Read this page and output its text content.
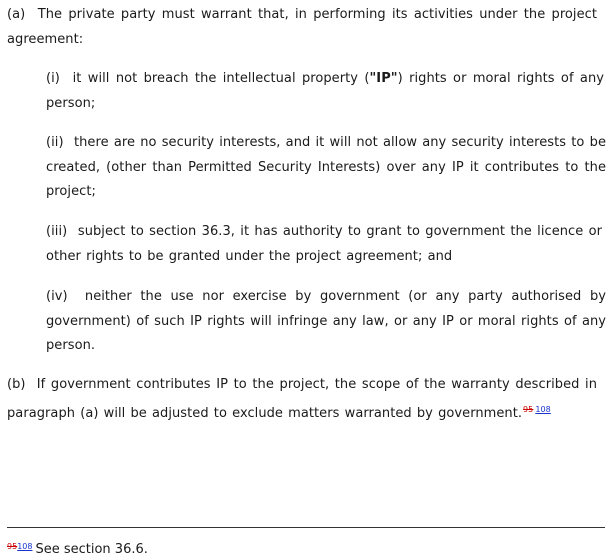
(a) The private party must warrant that, in performing its activities under the project agreement:

(i) it will not breach the intellectual property ("IP") rights or moral rights of any person;

(ii) there are no security interests, and it will not allow any security interests to be created, (other than Permitted Security Interests) over any IP it contributes to the project;

(iii) subject to section 36.3, it has authority to grant to government the licence or other rights to be granted under the project agreement; and

(iv) neither the use nor exercise by government (or any party authorised by government) of such IP rights will infringe any law, or any IP or moral rights of any person.

(b) If government contributes IP to the project, the scope of the warranty described in paragraph (a) will be adjusted to exclude matters warranted by government.$^{95}$ $^{108}$

$^{95108}$ See section 36.6.
